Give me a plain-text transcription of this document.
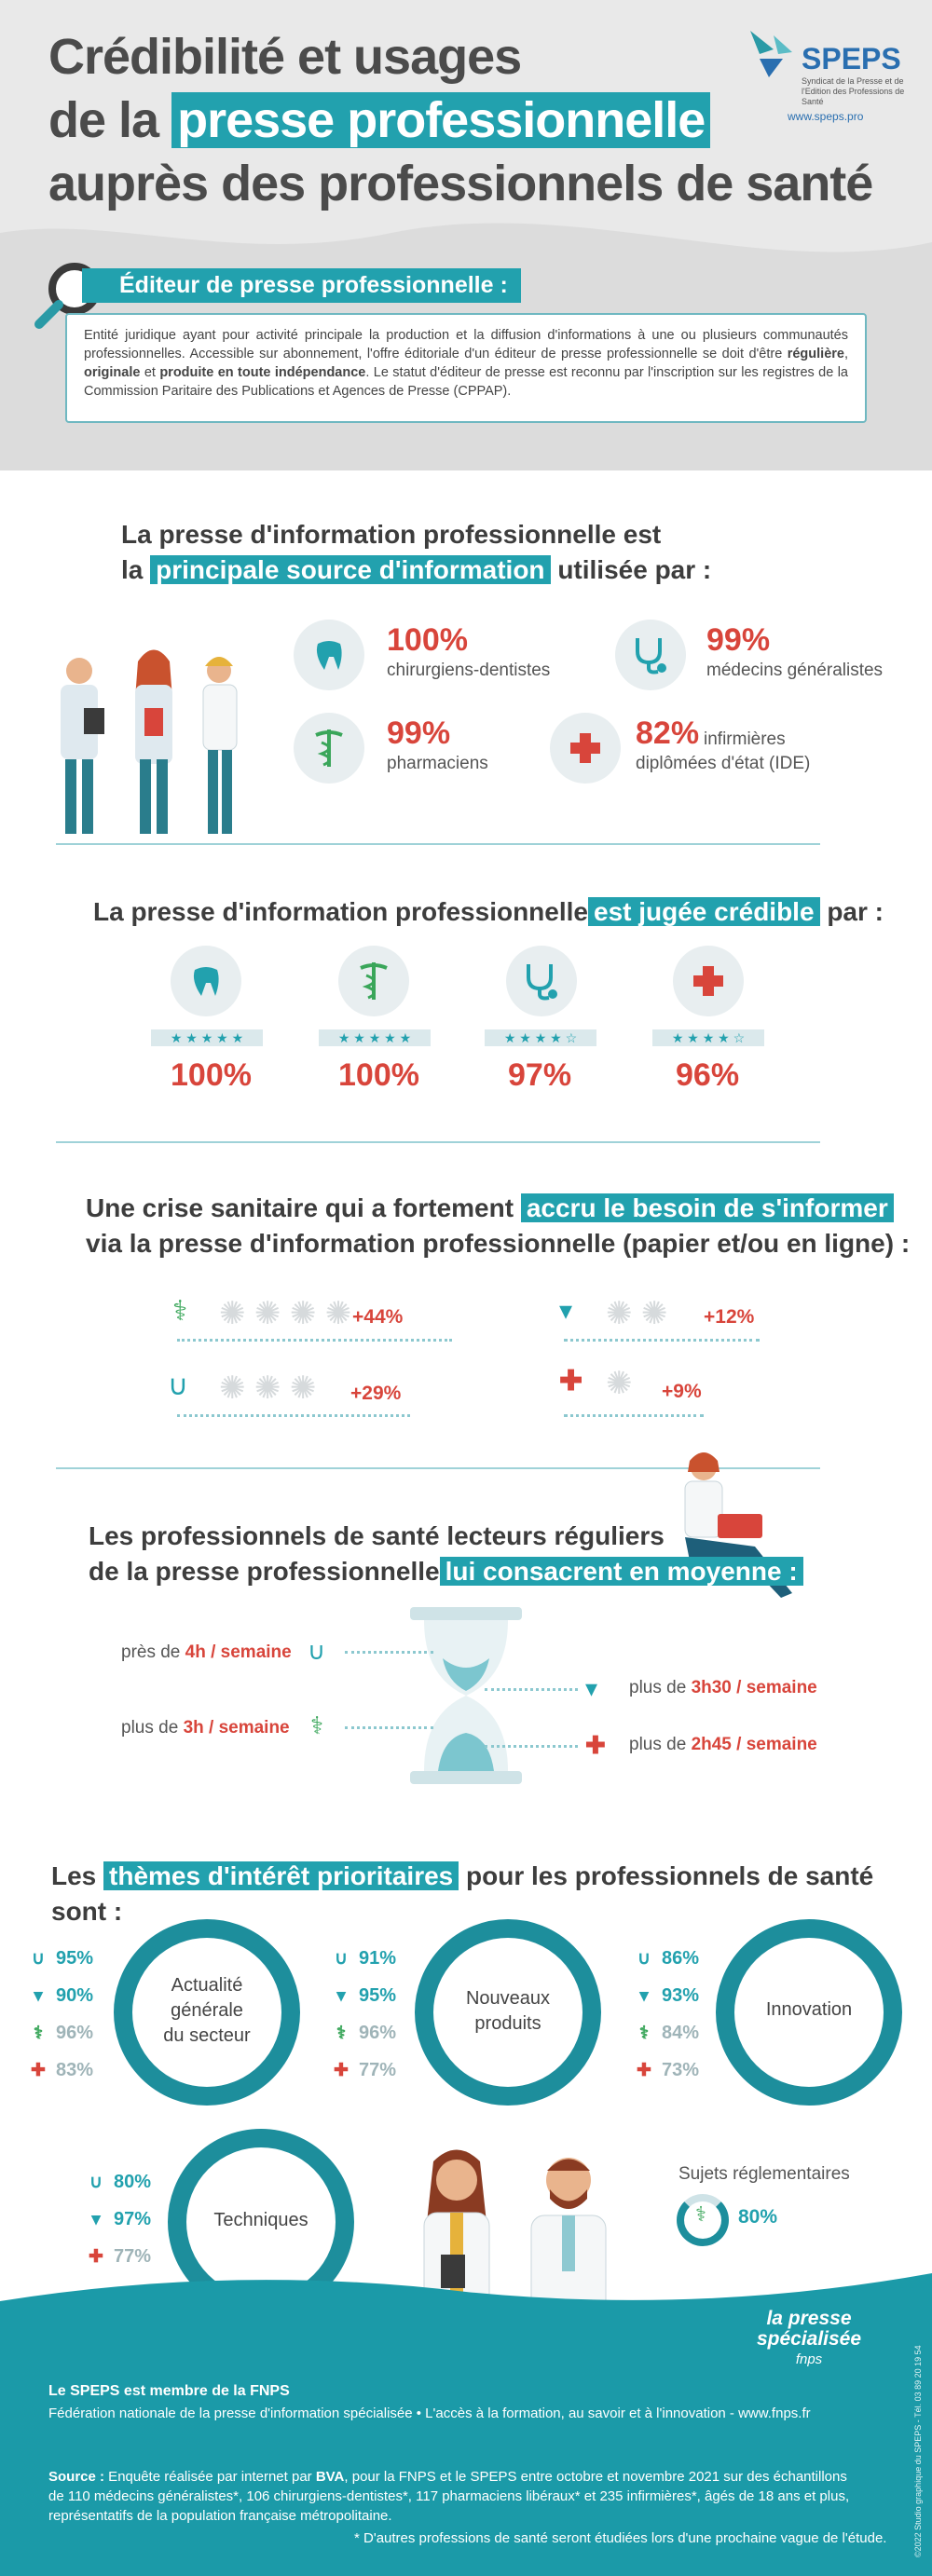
Crédibilité et usages
de la presse professionnelle
auprès des professionnels de santé
SPEPS
Syndicat de la Presse et de l'Edition des Professions de Santé
www.speps.pro
Éditeur de presse professionnelle :
Entité juridique ayant pour activité principale la production et la diffusion d'informations à une ou plusieurs communautés professionnelles. Accessible sur abonnement, l'offre éditoriale d'un éditeur de presse professionnelle se doit d'être régulière, originale et produite en toute indépendance. Le statut d'éditeur de presse est reconnu par l'inscription sur les registres de la Commission Paritaire des Publications et Agences de Presse (CPPAP).
La presse d'information professionnelle est
la principale source d'information utilisée par :
100%
chirurgiens-dentistes
99%
médecins généralistes
99%
pharmaciens
82% infirmières
diplômées d'état (IDE)
La presse d'information professionnelle est jugée crédible par :
★ ★ ★ ★ ★
100%
★ ★ ★ ★ ★
100%
★ ★ ★ ★ ☆
97%
★ ★ ★ ★ ☆
96%
Une crise sanitaire qui a fortement accru le besoin de s'informer
via la presse d'information professionnelle (papier et/ou en ligne) :
⚕ ✺ ✺ ✺ ✺ +44%	▾ ✺ ✺ +12%
∪ ✺ ✺ ✺ +29%	✚ ✺ +9%
Les professionnels de santé lecteurs réguliers
de la presse professionnelle lui consacrent en moyenne :
près de 4h / semaine ∪
▾ plus de 3h30 / semaine
plus de 3h / semaine ⚕
✚ plus de 2h45 / semaine
Les thèmes d'intérêt prioritaires pour les professionnels de santé sont :
∪ 95%
▾ 90%
⚕ 96%
✚ 83%
Actualité
générale
du secteur
∪ 91%
▾ 95%
⚕ 96%
✚ 77%
Nouveaux
produits
∪ 86%
▾ 93%
⚕ 84%
✚ 73%
Innovation
∪ 80%
▾ 97%
✚ 77%
Techniques
Sujets réglementaires
⚕ 80%
la presse
spécialisée
fnps
Le SPEPS est membre de la FNPS
Fédération nationale de la presse d'information spécialisée • L'accès à la formation, au savoir et à l'innovation - www.fnps.fr
Source : Enquête réalisée par internet par BVA, pour la FNPS et le SPEPS entre octobre et novembre 2021 sur des échantillons de 110 médecins généralistes*, 106 chirurgiens-dentistes*, 117 pharmaciens libéraux* et 235 infirmières*, âgés de 18 ans et plus, représentatifs de la population française métropolitaine.
* D'autres professions de santé seront étudiées lors d'une prochaine vague de l'étude.	©2022 Studio graphique du SPEPS - Tél. 03 89 20 19 54
